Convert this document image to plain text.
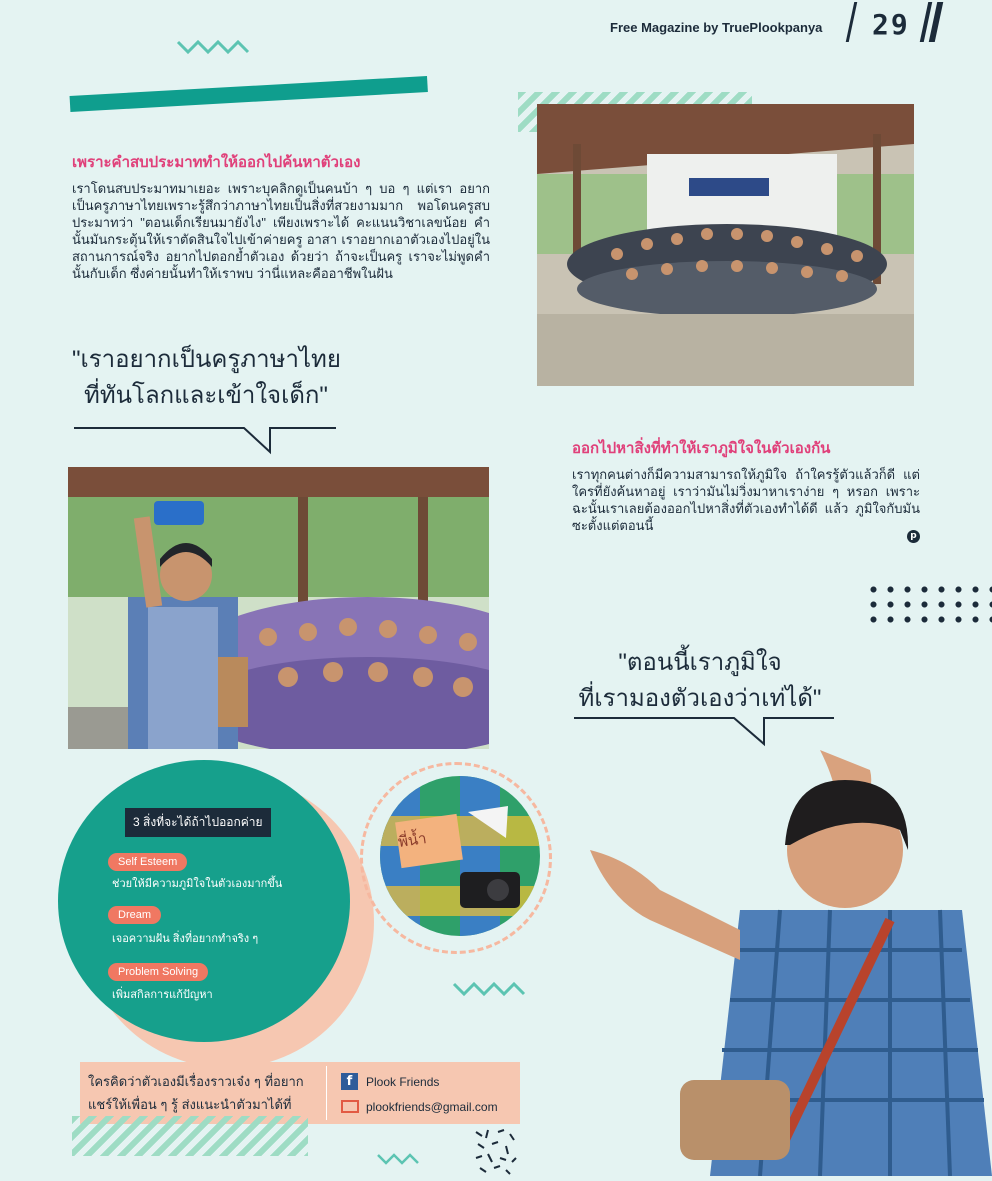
Free Magazine by TruePlookpanya 29
เพราะคำสบประมาททำให้ออกไปค้นหาตัวเอง
เราโดนสบประมาทมาเยอะ เพราะบุคลิกดูเป็นคนบ้า ๆ บอ ๆ แต่เรา อยากเป็นครูภาษาไทยเพราะรู้สึกว่าภาษาไทยเป็นสิ่งที่สวยงามมาก พอโดนครูสบประมาทว่า "ตอนเด็กเรียนมายังไง" เพียงเพราะได้ คะแนนวิชาเลขน้อย คำนั้นมันกระตุ้นให้เราตัดสินใจไปเข้าค่ายครู อาสา เราอยากเอาตัวเองไปอยู่ในสถานการณ์จริง อยากไปตอกย้ำตัวเอง ด้วยว่า ถ้าจะเป็นครู เราจะไม่พูดคำนั้นกับเด็ก ซึ่งค่ายนั้นทำให้เราพบ ว่านี่แหละคืออาชีพในฝัน
"เราอยากเป็นครูภาษาไทย
ที่ทันโลกและเข้าใจเด็ก"
ออกไปหาสิ่งที่ทำให้เราภูมิใจในตัวเองกัน
เราทุกคนต่างก็มีความสามารถให้ภูมิใจ ถ้าใครรู้ตัวแล้วก็ดี แต่ใครที่ยังค้นหาอยู่ เราว่ามันไม่วิ่งมาหาเราง่าย ๆ หรอก เพราะฉะนั้นเราเลยต้องออกไปหาสิ่งที่ตัวเองทำได้ดี แล้ว ภูมิใจกับมันซะตั้งแต่ตอนนี้
p
"ตอนนี้เราภูมิใจ
ที่เรามองตัวเองว่าเท่ได้"
3 สิ่งที่จะได้ถ้าไปออกค่าย
Self Esteem
ช่วยให้มีความภูมิใจในตัวเองมากขึ้น
Dream
เจอความฝัน สิ่งที่อยากทำจริง ๆ
Problem Solving
เพิ่มสกิลการแก้ปัญหา
พี่น้ำ
ใครคิดว่าตัวเองมีเรื่องราวเจ๋ง ๆ ที่อยาก แชร์ให้เพื่อน ๆ รู้ ส่งแนะนำตัวมาได้ที่
f	Plook Friends
plookfriends@gmail.com
